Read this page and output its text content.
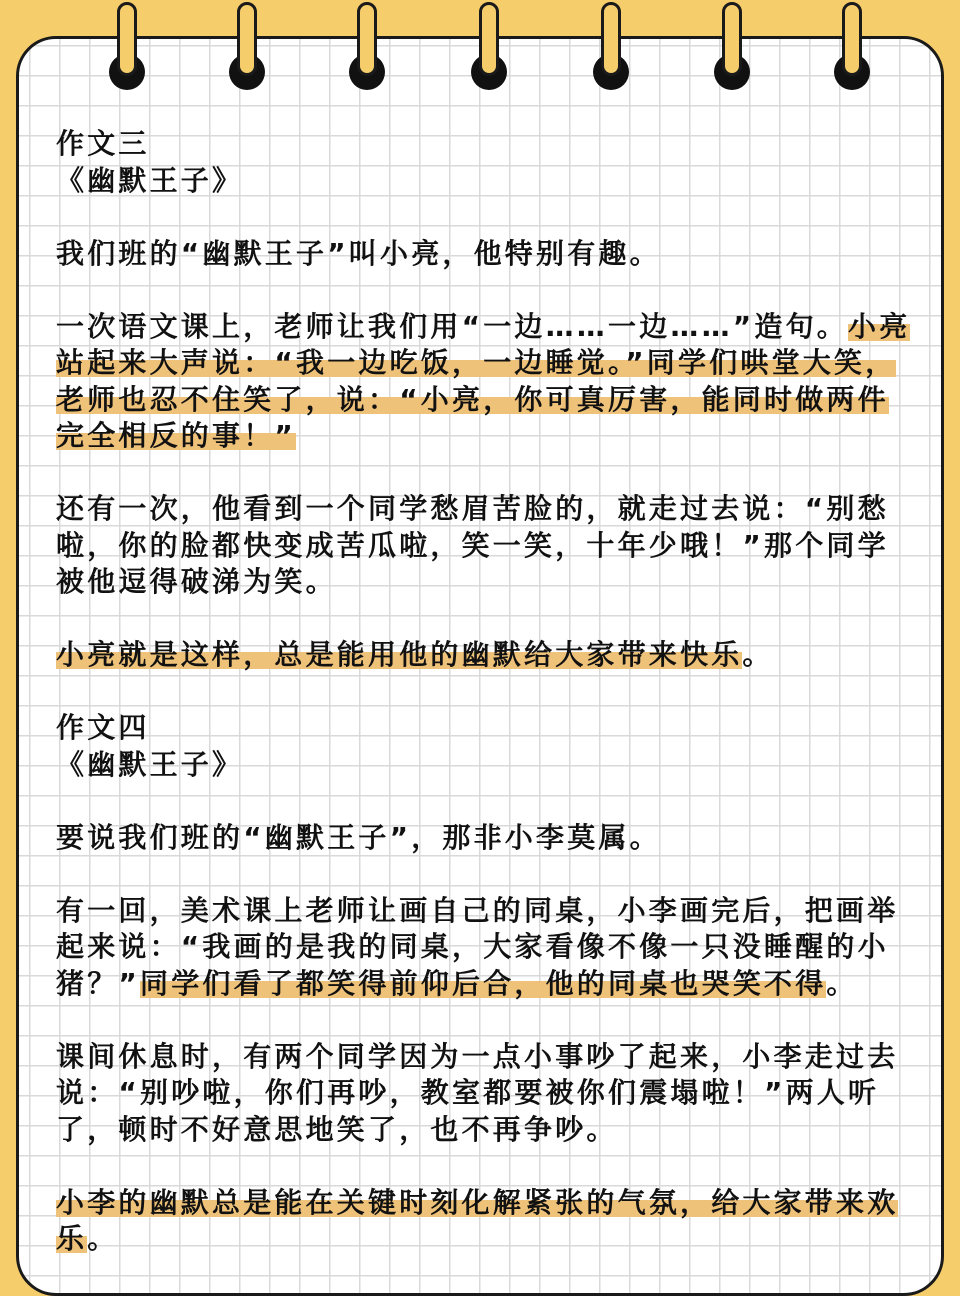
作文三

《幽默王子》

我们班的“幽默王子”叫小亮，他特别有趣。

一次语文课上，老师让我们用“一边……一边……”造句。小亮站起来大声说：“我一边吃饭，一边睡觉。”同学们哄堂大笑，老师也忍不住笑了，说：“小亮，你可真厉害，能同时做两件完全相反的事！”

还有一次，他看到一个同学愁眉苦脸的，就走过去说：“别愁啦，你的脸都快变成苦瓜啦，笑一笑，十年少哦！”那个同学被他逗得破涕为笑。

小亮就是这样，总是能用他的幽默给大家带来快乐。

作文四

《幽默王子》

要说我们班的“幽默王子”，那非小李莫属。

有一回，美术课上老师让画自己的同桌，小李画完后，把画举起来说：“我画的是我的同桌，大家看像不像一只没睡醒的小猪？”同学们看了都笑得前仰后合，他的同桌也哭笑不得。

课间休息时，有两个同学因为一点小事吵了起来，小李走过去说：“别吵啦，你们再吵，教室都要被你们震塌啦！”两人听了，顿时不好意思地笑了，也不再争吵。

小李的幽默总是能在关键时刻化解紧张的气氛，给大家带来欢乐。
